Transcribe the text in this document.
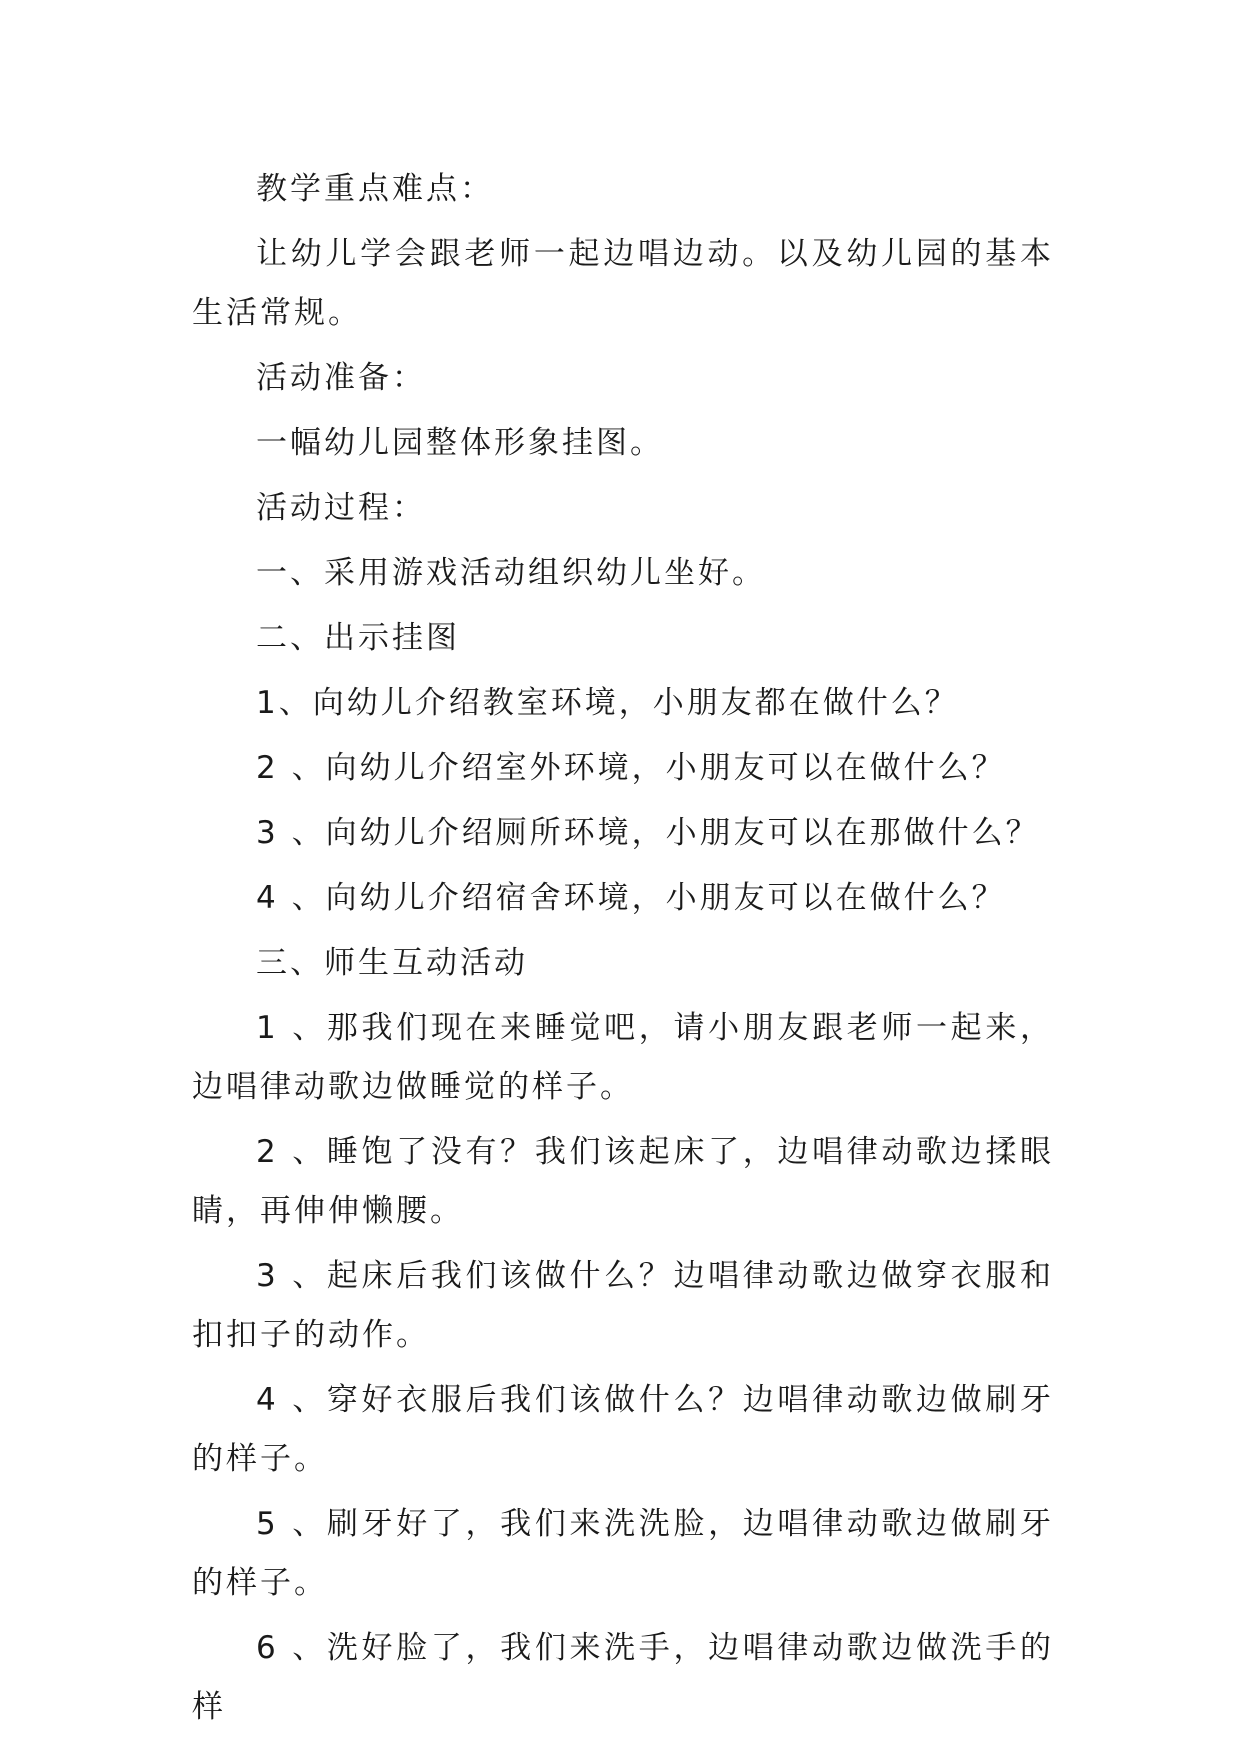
教学重点难点：

让幼儿学会跟老师一起边唱边动。以及幼儿园的基本生活常规。

活动准备：

一幅幼儿园整体形象挂图。

活动过程：

一、采用游戏活动组织幼儿坐好。

二、出示挂图

1、向幼儿介绍教室环境，小朋友都在做什么？

2 、向幼儿介绍室外环境，小朋友可以在做什么？

3 、向幼儿介绍厕所环境，小朋友可以在那做什么？

4 、向幼儿介绍宿舍环境，小朋友可以在做什么？

三、师生互动活动

1 、那我们现在来睡觉吧，请小朋友跟老师一起来，边唱律动歌边做睡觉的样子。

2 、睡饱了没有？我们该起床了，边唱律动歌边揉眼睛，再伸伸懒腰。

3 、起床后我们该做什么？边唱律动歌边做穿衣服和扣扣子的动作。

4 、穿好衣服后我们该做什么？边唱律动歌边做刷牙的样子。

5 、刷牙好了，我们来洗洗脸，边唱律动歌边做刷牙的样子。

6 、洗好脸了，我们来洗手，边唱律动歌边做洗手的样
